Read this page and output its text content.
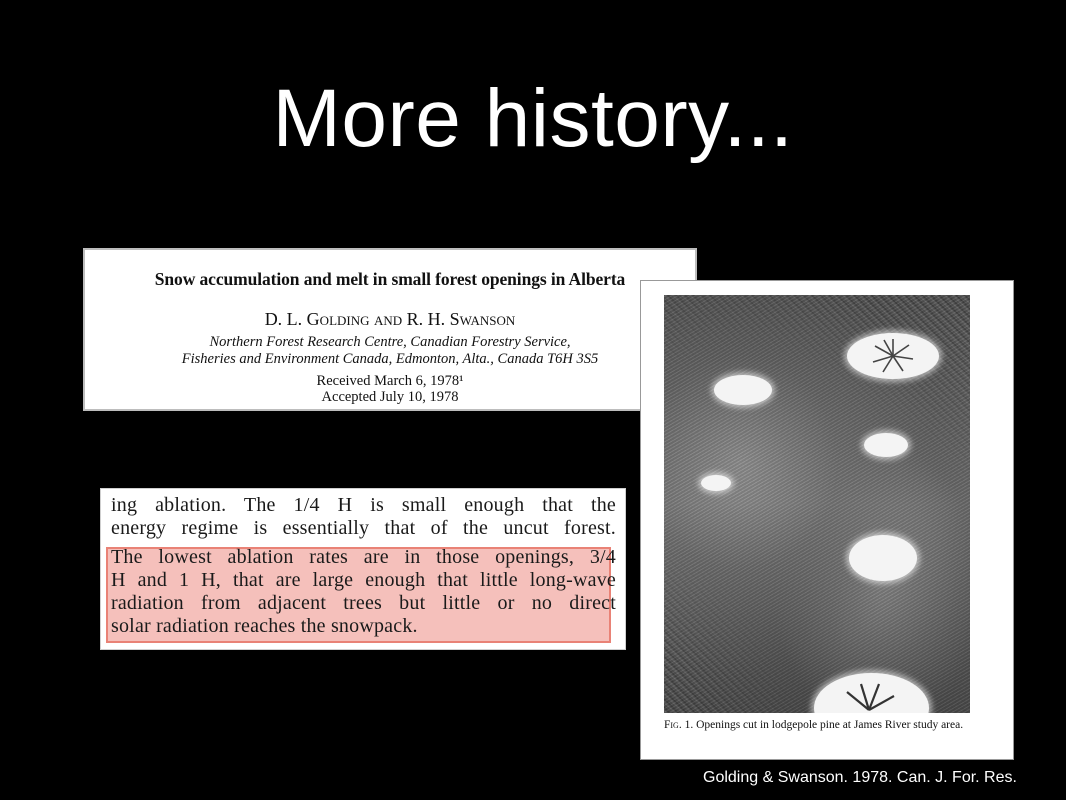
More history...
Snow accumulation and melt in small forest openings in Alberta
D. L. Golding and R. H. Swanson
Northern Forest Research Centre, Canadian Forestry Service,
Fisheries and Environment Canada, Edmonton, Alta., Canada T6H 3S5
Received March 6, 1978¹
Accepted July 10, 1978
ing ablation. The 1/4 H is small enough that the
energy regime is essentially that of the uncut forest.
The lowest ablation rates are in those openings, 3/4
H and 1 H, that are large enough that little long-wave
radiation from adjacent trees but little or no direct
solar radiation reaches the snowpack.
Fig. 1. Openings cut in lodgepole pine at James River study area.
Golding & Swanson. 1978. Can. J. For. Res.
